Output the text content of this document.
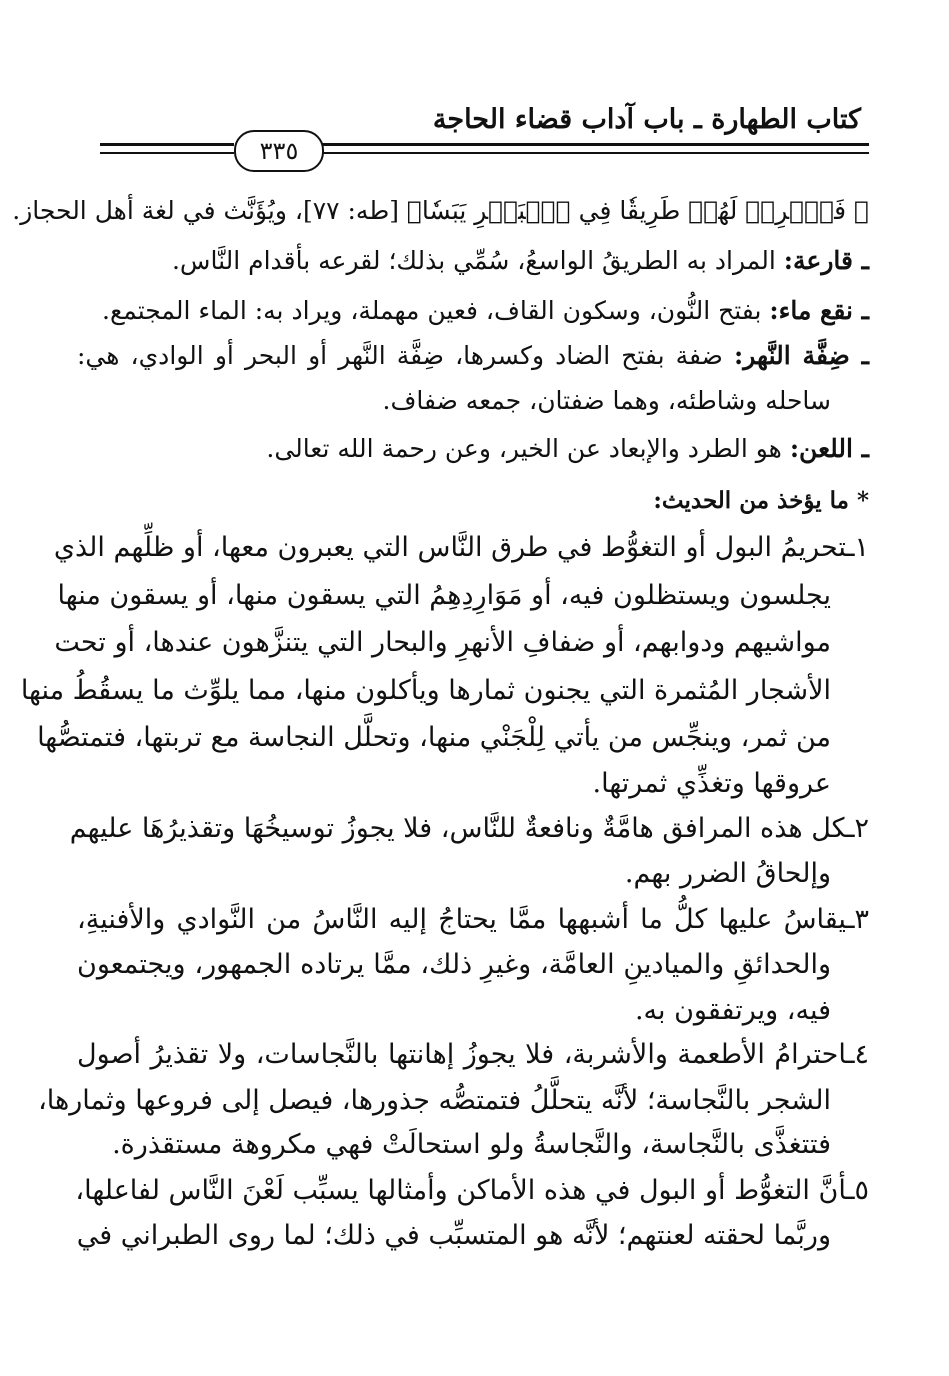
كتاب الطهارة ـ باب آداب قضاء الحاجة
٣٣٥
﴿ فَٱضۡرِبۡ لَهُمۡ طَرِيقٗا فِي ٱلۡبَحۡرِ يَبَسٗا﴾ [طه: ٧٧]، ويُؤَنَّث في لغة أهل الحجاز.
ـ قارعة: المراد به الطريقُ الواسعُ، سُمِّي بذلك؛ لقرعه بأقدام النَّاس.
ـ نقع ماء: بفتح النُّون، وسكون القاف، فعين مهملة، ويراد به: الماء المجتمع.
ـ ضِفَّة النَّهر: ضفة بفتح الضاد وكسرها، ضِفَّة النَّهر أو البحر أو الوادي، هي:
ساحله وشاطئه، وهما ضفتان، جمعه ضفاف.
ـ اللعن: هو الطرد والإبعاد عن الخير، وعن رحمة الله تعالى.
* ما يؤخذ من الحديث:
١ـتحريمُ البول أو التغوُّط في طرق النَّاس التي يعبرون معها، أو ظلِّهم الذي
يجلسون ويستظلون فيه، أو مَوَارِدِهِمُ التي يسقون منها، أو يسقون منها
مواشيهم ودوابهم، أو ضفافِ الأنهرِ والبحار التي يتنزَّهون عندها، أو تحت
الأشجار المُثمرة التي يجنون ثمارها ويأكلون منها، مما يلوِّث ما يسقُطُ منها
من ثمر، وينجِّس من يأتي لِلْجَنْي منها، وتحلَّل النجاسة مع تربتها، فتمتصُّها
عروقها وتغذِّي ثمرتها.
٢ـكل هذه المرافق هامَّةٌ ونافعةٌ للنَّاس، فلا يجوزُ توسيخُهَا وتقذيرُهَا عليهم
وإلحاقُ الضرر بهم.
٣ـيقاسُ عليها كلُّ ما أشبهها ممَّا يحتاجُ إليه النَّاسُ من النَّوادي والأفنيةِ،
والحدائقِ والميادينِ العامَّة، وغيرِ ذلك، ممَّا يرتاده الجمهور، ويجتمعون
فيه، ويرتفقون به.
٤ـاحترامُ الأطعمة والأشربة، فلا يجوزُ إهانتها بالنَّجاسات، ولا تقذيرُ أصول
الشجر بالنَّجاسة؛ لأنَّه يتحلَّلُ فتمتصُّه جذورها، فيصل إلى فروعها وثمارها،
فتتغذَّى بالنَّجاسة، والنَّجاسةُ ولو استحالَتْ فهي مكروهة مستقذرة.
٥ـأنَّ التغوُّط أو البول في هذه الأماكن وأمثالها يسبِّب لَعْنَ النَّاس لفاعلها،
وربَّما لحقته لعنتهم؛ لأنَّه هو المتسبِّب في ذلك؛ لما روى الطبراني في
